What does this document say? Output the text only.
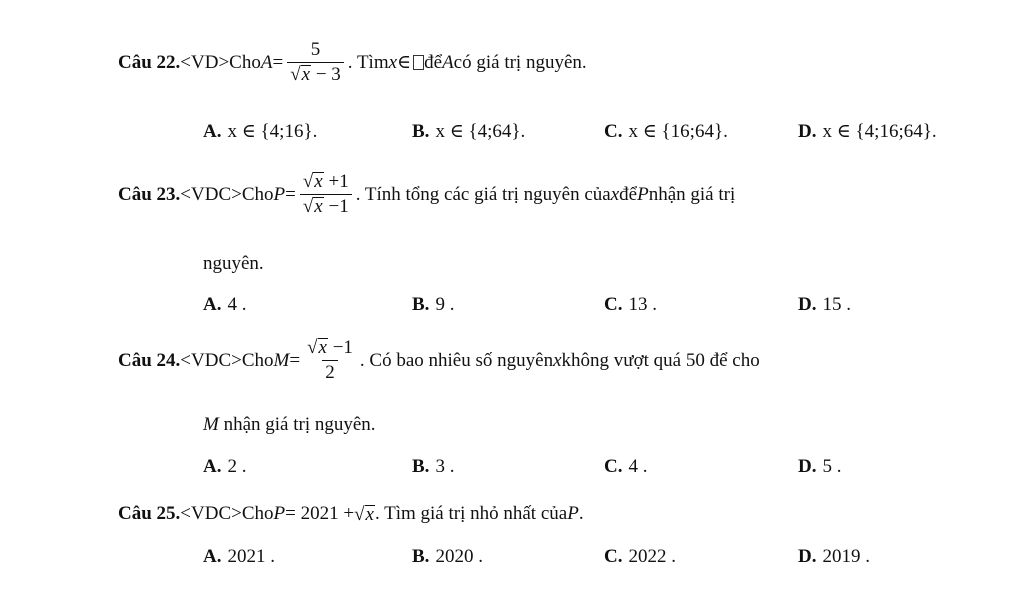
Câu 22. <VD> Cho $A = \frac{5}{√ x - 3}$ . Tìm x ∈ để A có giá trị nguyên.
A. x ∈ {4;16}.	B. x ∈ {4;64}.	C. x ∈ {16;64}.	D. x ∈ {4;16;64}.
Câu 23. <VDC> Cho $P = \frac{√ x +1}{√ x -1}$ . Tính tổng các giá trị nguyên của x để P nhận giá trị
nguyên.
A. 4 .	B. 9 .	C. 13 .	D. 15 .
Câu 24. <VDC> Cho $M = \frac{√ x -1}{2}$ . Có bao nhiêu số nguyên x không vượt quá 50 để cho
M nhận giá trị nguyên.
A. 2 .	B. 3 .	C. 4 .	D. 5 .
Câu 25. <VDC> Cho P = 2021 + √ x . Tìm giá trị nhỏ nhất của P .
A. 2021 .	B. 2020 .	C. 2022 .	D. 2019 .
